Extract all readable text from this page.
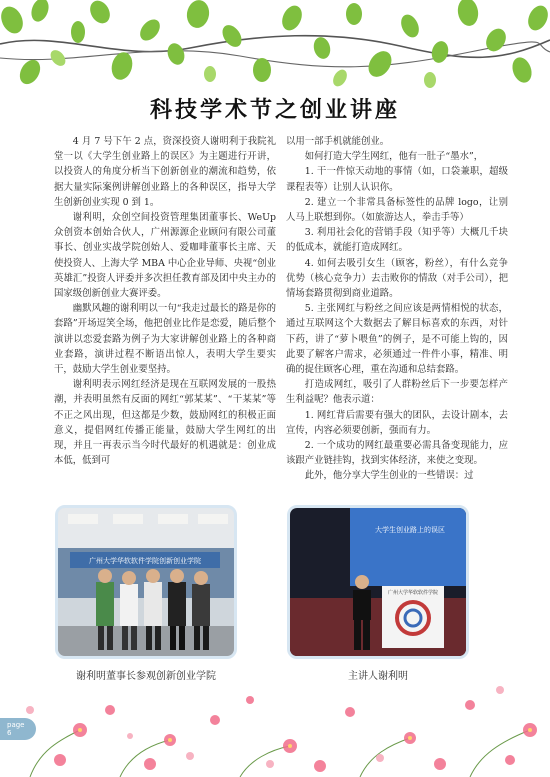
科技学术节之创业讲座

4 月 7 号下午 2 点，资深投资人谢明利于我院礼堂一以《大学生创业路上的误区》为主题进行开讲，以投资人的角度分析当下创新创业的潮流和趋势，依据大量实际案例讲解创业路上的各种误区，指导大学生创新创业实现 0 到 1。

谢利明，众创空间投资管理集团董事长、WeUp 众创资本创始合伙人，广州源源企业顾问有限公司董事长、创业实战学院创始人、爱咖啡董事长主席、天使投资人、上海大学 MBA 中心企业导师、央视“创业英雄汇”投资人评委并多次担任教育部及团中央主办的国家级创新创业大赛评委。

幽默风趣的谢利明以一句“我走过最长的路是你的套路”开场逗笑全场，他把创业比作是恋爱，随后整个演讲以恋爱套路为例子为大家讲解创业路上的各种商业套路，演讲过程不断语出惊人，表明大学生要实干，鼓励大学生创业要坚持。

谢利明表示网红经济是现在互联网发展的一股热潮，并表明虽然有反面的网红“郭某某”、“干某某”等不正之风出现，但这都是少数，鼓励网红的积极正面意义，提倡网红传播正能量，鼓励大学生网红的出现，并且一再表示当今时代最好的机遇就是：创业成本低，低到可

以用一部手机就能创业。

如何打造大学生网红，他有一肚子“墨水”，

1. 干一件惊天动地的事情（如，口袋兼职，超级课程表等）让别人认识你。

2. 建立一个非常具备标签性的品牌 logo，让别人马上联想到你。（如旅游达人，拳击手等）

3. 利用社会化的营销手段（知乎等）大概几千块的低成本，就能打造成网红。

4. 如何去吸引女生（顾客，粉丝），有什么竞争优势（核心竞争力）去击败你的情敌（对手公司），把情场套路贯彻到商业道路。

5. 主张网红与粉丝之间应该是两情相悦的状态，通过互联网这个大数据去了解目标喜欢的东西，对针下药，讲了“萝卜喂鱼”的例子，是不可能上钩的，因此要了解客户需求，必须通过一件件小事，精准、明确的捉住顾客心理，重在沟通和总结套路。

打造成网红，吸引了人群粉丝后下一步要怎样产生利益呢？他表示道：

1. 网红背后需要有强大的团队，去设计剧本，去宣传，内容必须要创新，强而有力。

2. 一个成功的网红最重要必需具备变现能力，应该跟产业链挂钩，找到实体经济，来使之变现。

此外，他分享大学生创业的一些错误：过

广州大学华软软件学院创新创业学院
谢利明董事长参观创新创业学院
大学生创业路上的误区
广州大学华软软件学院
主讲人谢利明
page
6
